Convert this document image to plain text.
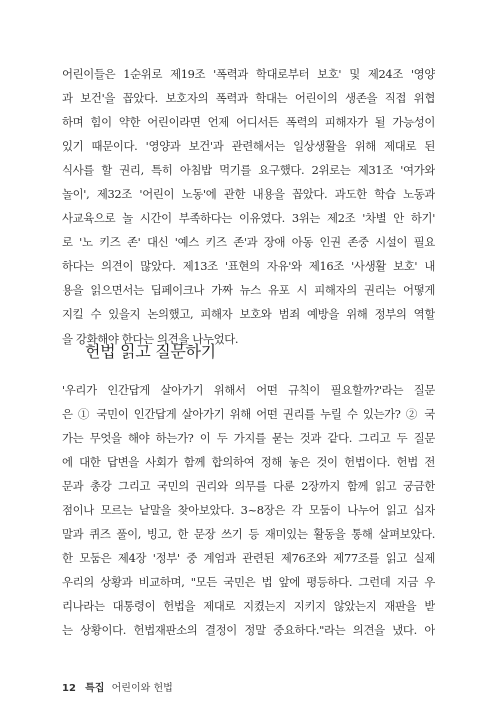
어린이들은 1순위로 제19조 '폭력과 학대로부터 보호' 및 제24조 '영양
과 보건'을 꼽았다. 보호자의 폭력과 학대는 어린이의 생존을 직접 위협
하며 힘이 약한 어린이라면 언제 어디서든 폭력의 피해자가 될 가능성이
있기 때문이다. '영양과 보건'과 관련해서는 일상생활을 위해 제대로 된
식사를 할 권리, 특히 아침밥 먹기를 요구했다. 2위로는 제31조 '여가와
놀이', 제32조 '어린이 노동'에 관한 내용을 꼽았다. 과도한 학습 노동과
사교육으로 놀 시간이 부족하다는 이유였다. 3위는 제2조 '차별 안 하기'
로 '노 키즈 존' 대신 '예스 키즈 존'과 장애 아동 인권 존중 시설이 필요
하다는 의견이 많았다. 제13조 '표현의 자유'와 제16조 '사생활 보호' 내
용을 읽으면서는 딥페이크나 가짜 뉴스 유포 시 피해자의 권리는 어떻게
지킬 수 있을지 논의했고, 피해자 보호와 범죄 예방을 위해 정부의 역할
을 강화해야 한다는 의견을 나누었다.
헌법 읽고 질문하기
'우리가 인간답게 살아가기 위해서 어떤 규칙이 필요할까?'라는 질문
은 ① 국민이 인간답게 살아가기 위해 어떤 권리를 누릴 수 있는가? ② 국
가는 무엇을 해야 하는가? 이 두 가지를 묻는 것과 같다. 그리고 두 질문
에 대한 답변을 사회가 함께 합의하여 정해 놓은 것이 헌법이다. 헌법 전
문과 총강 그리고 국민의 권리와 의무를 다룬 2장까지 함께 읽고 궁금한
점이나 모르는 낱말을 찾아보았다. 3~8장은 각 모둠이 나누어 읽고 십자
말과 퀴즈 풀이, 빙고, 한 문장 쓰기 등 재미있는 활동을 통해 살펴보았다.
한 모둠은 제4장 '정부' 중 계엄과 관련된 제76조와 제77조를 읽고 실제
우리의 상황과 비교하며, "모든 국민은 법 앞에 평등하다. 그런데 지금 우
리나라는 대통령이 헌법을 제대로 지켰는지 지키지 않았는지 재판을 받
는 상황이다. 헌법재판소의 결정이 정말 중요하다."라는 의견을 냈다. 아
12 특집 어린이와 헌법
